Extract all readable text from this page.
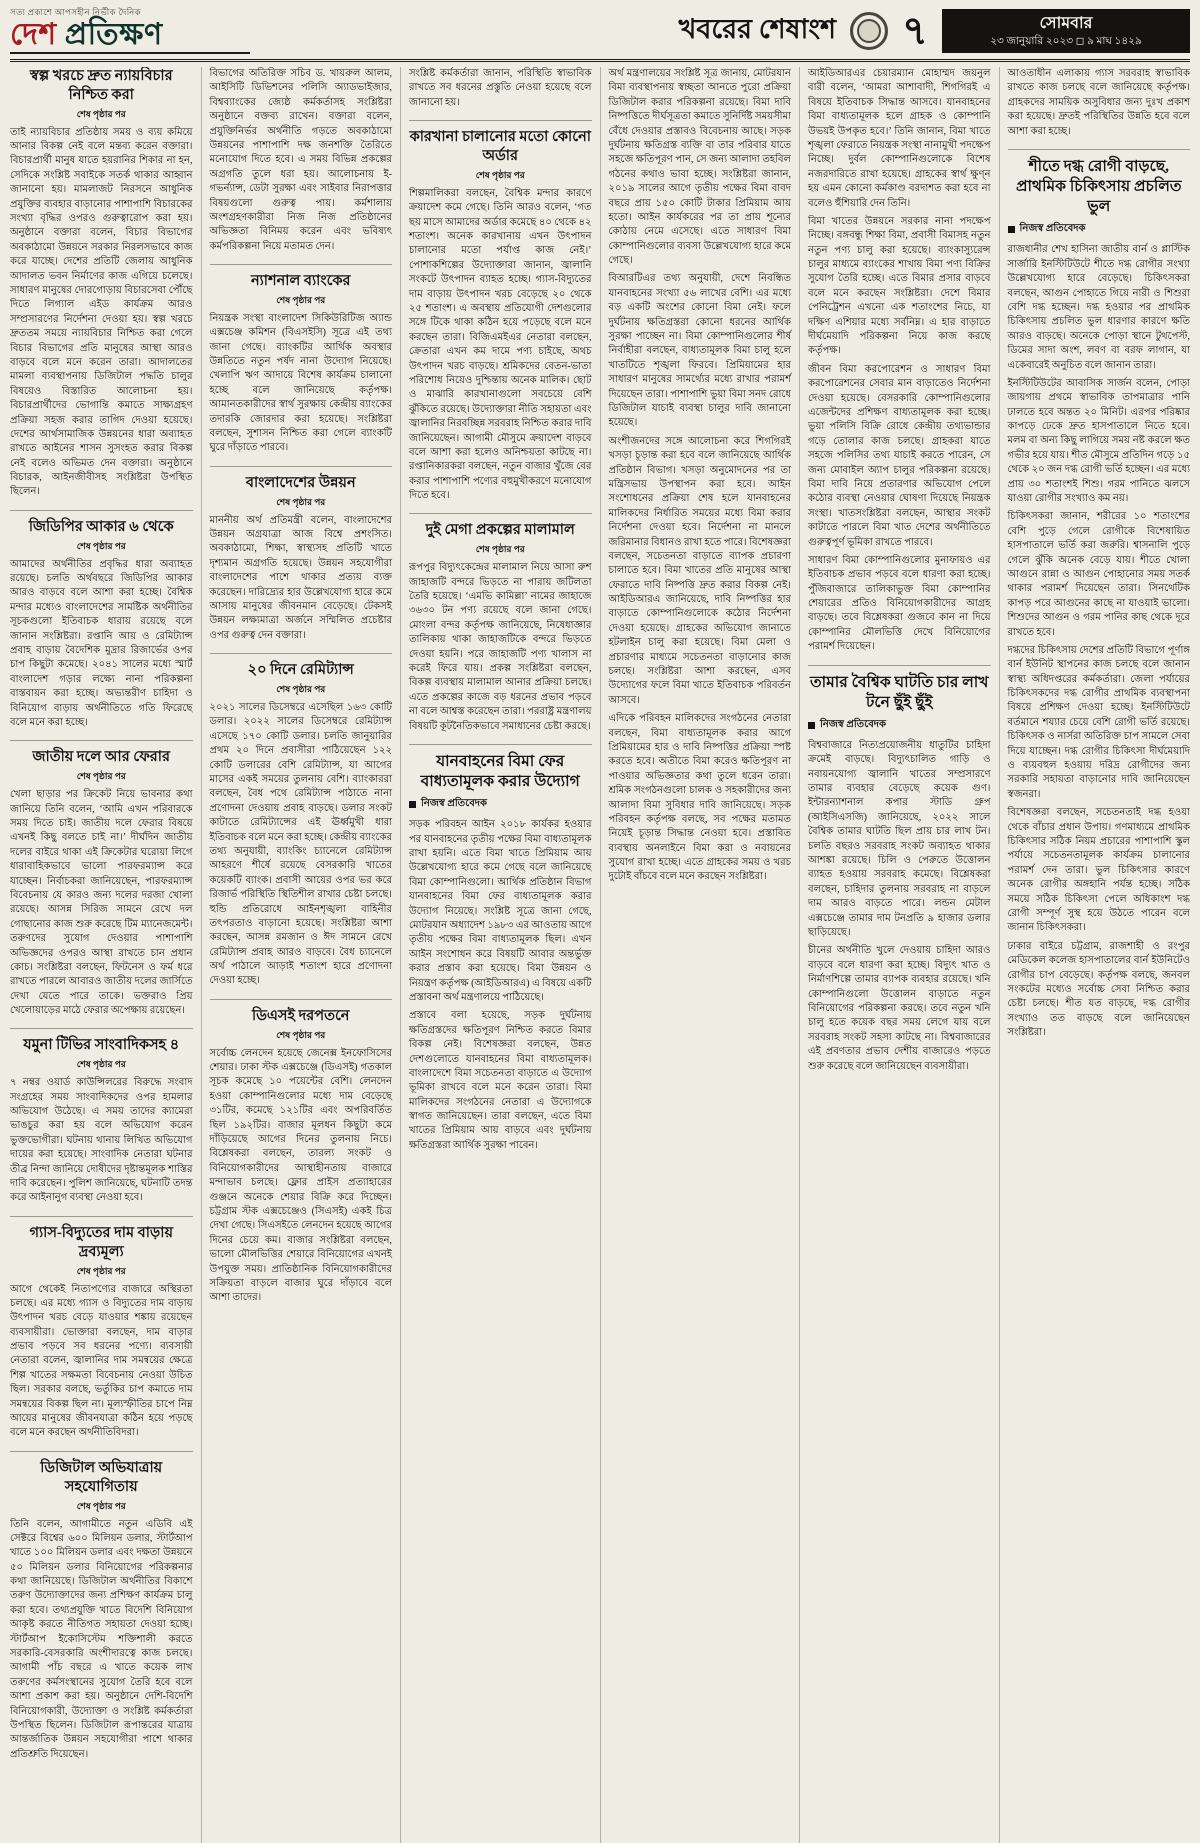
সত্য প্রকাশে আপসহীন নির্ভীক দৈনিক
দেশ প্রতিক্ষণ	খবরের শেষাংশ ৭	সোমবার
২৩ জানুয়ারি ২০২৩ ◻ ৯ মাঘ ১৪২৯
স্বল্প খরচে দ্রুত ন্যায়বিচার নিশ্চিত করা
শেষ পৃষ্ঠার পর

তাই ন্যায়বিচার প্রতিষ্ঠায় সময় ও ব্যয় কমিয়ে আনার বিকল্প নেই বলে মন্তব্য করেন বক্তারা। বিচারপ্রার্থী মানুষ যাতে হয়রানির শিকার না হন, সেদিকে সংশ্লিষ্ট সবাইকে সতর্ক থাকার আহ্বান জানানো হয়। মামলাজট নিরসনে আধুনিক প্রযুক্তির ব্যবহার বাড়ানোর পাশাপাশি বিচারকের সংখ্যা বৃদ্ধির ওপরও গুরুত্বারোপ করা হয়। অনুষ্ঠানে বক্তারা বলেন, বিচার বিভাগের অবকাঠামো উন্নয়নে সরকার নিরলসভাবে কাজ করে যাচ্ছে। দেশের প্রতিটি জেলায় আধুনিক আদালত ভবন নির্মাণের কাজ এগিয়ে চলেছে। সাধারণ মানুষের দোরগোড়ায় বিচারসেবা পৌঁছে দিতে লিগ্যাল এইড কার্যক্রম আরও সম্প্রসারণের নির্দেশনা দেওয়া হয়। স্বল্প খরচে দ্রুততম সময়ে ন্যায়বিচার নিশ্চিত করা গেলে বিচার বিভাগের প্রতি মানুষের আস্থা আরও বাড়বে বলে মনে করেন তারা। আদালতের মামলা ব্যবস্থাপনায় ডিজিটাল পদ্ধতি চালুর বিষয়েও বিস্তারিত আলোচনা হয়। বিচারপ্রার্থীদের ভোগান্তি কমাতে সাক্ষ্যগ্রহণ প্রক্রিয়া সহজ করার তাগিদ দেওয়া হয়েছে। দেশের আর্থসামাজিক উন্নয়নের ধারা অব্যাহত রাখতে আইনের শাসন সুসংহত করার বিকল্প নেই বলেও অভিমত দেন বক্তারা। অনুষ্ঠানে বিচারক, আইনজীবীসহ সংশ্লিষ্টরা উপস্থিত ছিলেন।

জিডিপির আকার ৬ থেকে
শেষ পৃষ্ঠার পর

আমাদের অর্থনীতির প্রবৃদ্ধির ধারা অব্যাহত রয়েছে। চলতি অর্থবছরে জিডিপির আকার আরও বাড়বে বলে আশা করা হচ্ছে। বৈশ্বিক মন্দার মধ্যেও বাংলাদেশের সামষ্টিক অর্থনীতির সূচকগুলো ইতিবাচক ধারায় রয়েছে বলে জানান সংশ্লিষ্টরা। রপ্তানি আয় ও রেমিট্যান্স প্রবাহ বাড়ায় বৈদেশিক মুদ্রার রিজার্ভের ওপর চাপ কিছুটা কমেছে। ২০৪১ সালের মধ্যে স্মার্ট বাংলাদেশ গড়ার লক্ষ্যে নানা পরিকল্পনা বাস্তবায়ন করা হচ্ছে। অভ্যন্তরীণ চাহিদা ও বিনিয়োগ বাড়ায় অর্থনীতিতে গতি ফিরেছে বলে মনে করা হচ্ছে।

জাতীয় দলে আর ফেরার
শেষ পৃষ্ঠার পর

খেলা ছাড়ার পর ক্রিকেট নিয়ে ভাবনার কথা জানিয়ে তিনি বলেন, ‘আমি এখন পরিবারকে সময় দিতে চাই। জাতীয় দলে ফেরার বিষয়ে এখনই কিছু বলতে চাই না।’ দীর্ঘদিন জাতীয় দলের বাইরে থাকা এই ক্রিকেটার ঘরোয়া লিগে ধারাবাহিকভাবে ভালো পারফরম্যান্স করে যাচ্ছেন। নির্বাচকরা জানিয়েছেন, পারফরম্যান্স বিবেচনায় যে কারও জন্য দলের দরজা খোলা রয়েছে। আসন্ন সিরিজ সামনে রেখে দল গোছানোর কাজ শুরু করেছে টিম ম্যানেজমেন্ট। তরুণদের সুযোগ দেওয়ার পাশাপাশি অভিজ্ঞদের ওপরও আস্থা রাখতে চান প্রধান কোচ। সংশ্লিষ্টরা বলছেন, ফিটনেস ও ফর্ম ধরে রাখতে পারলে আবারও জাতীয় দলের জার্সিতে দেখা যেতে পারে তাকে। ভক্তরাও প্রিয় খেলোয়াড়ের মাঠে ফেরার অপেক্ষায় রয়েছেন।

যমুনা টিভির সাংবাদিকসহ ৪
শেষ পৃষ্ঠার পর

৭ নম্বর ওয়ার্ড কাউন্সিলরের বিরুদ্ধে সংবাদ সংগ্রহের সময় সাংবাদিকদের ওপর হামলার অভিযোগ উঠেছে। এ সময় তাদের ক্যামেরা ভাঙচুর করা হয় বলে অভিযোগ করেন ভুক্তভোগীরা। ঘটনায় থানায় লিখিত অভিযোগ দায়ের করা হয়েছে। সাংবাদিক নেতারা ঘটনার তীব্র নিন্দা জানিয়ে দোষীদের দৃষ্টান্তমূলক শাস্তির দাবি করেছেন। পুলিশ জানিয়েছে, ঘটনাটি তদন্ত করে আইনানুগ ব্যবস্থা নেওয়া হবে।

গ্যাস-বিদ্যুতের দাম বাড়ায় দ্রব্যমূল্য
শেষ পৃষ্ঠার পর

আগে থেকেই নিত্যপণ্যের বাজারে অস্থিরতা চলছে। এর মধ্যে গ্যাস ও বিদ্যুতের দাম বাড়ায় উৎপাদন খরচ বেড়ে যাওয়ার শঙ্কায় রয়েছেন ব্যবসায়ীরা। ভোক্তারা বলছেন, দাম বাড়ার প্রভাব পড়বে সব ধরনের পণ্যে। ব্যবসায়ী নেতারা বলেন, জ্বালানির দাম সমন্বয়ের ক্ষেত্রে শিল্প খাতের সক্ষমতা বিবেচনায় নেওয়া উচিত ছিল। সরকার বলছে, ভর্তুকির চাপ কমাতে দাম সমন্বয়ের বিকল্প ছিল না। মূল্যস্ফীতির চাপে নিম্ন আয়ের মানুষের জীবনযাত্রা কঠিন হয়ে পড়ছে বলে মনে করছেন অর্থনীতিবিদরা।

ডিজিটাল অভিযাত্রায় সহযোগিতায়
শেষ পৃষ্ঠার পর

তিনি বলেন, আগামীতে নতুন এডিবি এই সেক্টরে বিশ্বের ৬০০ মিলিয়ন ডলার, স্টার্টআপ খাতে ১০০ মিলিয়ন ডলার এবং দক্ষতা উন্নয়নে ৫০ মিলিয়ন ডলার বিনিয়োগের পরিকল্পনার কথা জানিয়েছে। ডিজিটাল অর্থনীতির বিকাশে তরুণ উদ্যোক্তাদের জন্য প্রশিক্ষণ কার্যক্রম চালু করা হবে। তথ্যপ্রযুক্তি খাতে বিদেশি বিনিয়োগ আকৃষ্ট করতে নীতিগত সহায়তা দেওয়া হচ্ছে। স্টার্টআপ ইকোসিস্টেম শক্তিশালী করতে সরকারি-বেসরকারি অংশীদারত্বে কাজ চলছে। আগামী পাঁচ বছরে এ খাতে কয়েক লাখ তরুণের কর্মসংস্থানের সুযোগ তৈরি হবে বলে আশা প্রকাশ করা হয়। অনুষ্ঠানে দেশি-বিদেশি বিনিয়োগকারী, উদ্যোক্তা ও সংশ্লিষ্ট কর্মকর্তারা উপস্থিত ছিলেন। ডিজিটাল রূপান্তরের যাত্রায় আন্তর্জাতিক উন্নয়ন সহযোগীরা পাশে থাকার প্রতিশ্রুতি দিয়েছেন।

বিভাগের অতিরিক্ত সচিব ড. খায়রুল আলম, আইসিটি ডিভিশনের পলিসি অ্যাডভাইজার, বিশ্বব্যাংকের জ্যেষ্ঠ কর্মকর্তাসহ সংশ্লিষ্টরা অনুষ্ঠানে বক্তব্য রাখেন। বক্তারা বলেন, প্রযুক্তিনির্ভর অর্থনীতি গড়তে অবকাঠামো উন্নয়নের পাশাপাশি দক্ষ জনশক্তি তৈরিতে মনোযোগ দিতে হবে। এ সময় বিভিন্ন প্রকল্পের অগ্রগতি তুলে ধরা হয়। আলোচনায় ই-গভর্ন্যান্স, ডেটা সুরক্ষা এবং সাইবার নিরাপত্তার বিষয়গুলো গুরুত্ব পায়। কর্মশালায় অংশগ্রহণকারীরা নিজ নিজ প্রতিষ্ঠানের অভিজ্ঞতা বিনিময় করেন এবং ভবিষ্যৎ কর্মপরিকল্পনা নিয়ে মতামত দেন।

ন্যাশনাল ব্যাংকের
শেষ পৃষ্ঠার পর

নিয়ন্ত্রক সংস্থা বাংলাদেশ সিকিউরিটিজ অ্যান্ড এক্সচেঞ্জ কমিশন (বিএসইসি) সূত্রে এই তথ্য জানা গেছে। ব্যাংকটির আর্থিক অবস্থার উন্নতিতে নতুন পর্ষদ নানা উদ্যোগ নিয়েছে। খেলাপি ঋণ আদায়ে বিশেষ কার্যক্রম চালানো হচ্ছে বলে জানিয়েছে কর্তৃপক্ষ। আমানতকারীদের স্বার্থ সুরক্ষায় কেন্দ্রীয় ব্যাংকের তদারকি জোরদার করা হয়েছে। সংশ্লিষ্টরা বলছেন, সুশাসন নিশ্চিত করা গেলে ব্যাংকটি ঘুরে দাঁড়াতে পারবে।

বাংলাদেশের উন্নয়ন
শেষ পৃষ্ঠার পর

মাননীয় অর্থ প্রতিমন্ত্রী বলেন, বাংলাদেশের উন্নয়ন অগ্রযাত্রা আজ বিশ্বে প্রশংসিত। অবকাঠামো, শিক্ষা, স্বাস্থ্যসহ প্রতিটি খাতে দৃশ্যমান অগ্রগতি হয়েছে। উন্নয়ন সহযোগীরা বাংলাদেশের পাশে থাকার প্রত্যয় ব্যক্ত করেছেন। দারিদ্র্যের হার উল্লেখযোগ্য হারে কমে আসায় মানুষের জীবনমান বেড়েছে। টেকসই উন্নয়ন লক্ষ্যমাত্রা অর্জনে সম্মিলিত প্রচেষ্টার ওপর গুরুত্ব দেন বক্তারা।

২০ দিনে রেমিট্যান্স
শেষ পৃষ্ঠার পর

২০২১ সালের ডিসেম্বরে এসেছিল ১৬৩ কোটি ডলার। ২০২২ সালের ডিসেম্বরে রেমিট্যান্স এসেছে ১৭০ কোটি ডলার। চলতি জানুয়ারির প্রথম ২০ দিনে প্রবাসীরা পাঠিয়েছেন ১২২ কোটি ডলারের বেশি রেমিট্যান্স, যা আগের মাসের একই সময়ের তুলনায় বেশি। ব্যাংকাররা বলছেন, বৈধ পথে রেমিট্যান্স পাঠাতে নানা প্রণোদনা দেওয়ায় প্রবাহ বাড়ছে। ডলার সংকট কাটাতে রেমিট্যান্সের এই ঊর্ধ্বমুখী ধারা ইতিবাচক বলে মনে করা হচ্ছে। কেন্দ্রীয় ব্যাংকের তথ্য অনুযায়ী, ব্যাংকিং চ্যানেলে রেমিট্যান্স আহরণে শীর্ষে রয়েছে বেসরকারি খাতের কয়েকটি ব্যাংক। প্রবাসী আয়ের ওপর ভর করে রিজার্ভ পরিস্থিতি স্থিতিশীল রাখার চেষ্টা চলছে। হুন্ডি প্রতিরোধে আইনশৃঙ্খলা বাহিনীর তৎপরতাও বাড়ানো হয়েছে। সংশ্লিষ্টরা আশা করছেন, আসন্ন রমজান ও ঈদ সামনে রেখে রেমিট্যান্স প্রবাহ আরও বাড়বে। বৈধ চ্যানেলে অর্থ পাঠালে আড়াই শতাংশ হারে প্রণোদনা দেওয়া হচ্ছে।

ডিএসই দরপতনে
শেষ পৃষ্ঠার পর

সর্বোচ্চ লেনদেন হয়েছে জেনেক্স ইনফোসিসের শেয়ার। ঢাকা স্টক এক্সচেঞ্জে (ডিএসই) গতকাল সূচক কমেছে ১০ পয়েন্টের বেশি। লেনদেন হওয়া কোম্পানিগুলোর মধ্যে দাম বেড়েছে ৩১টির, কমেছে ১২১টির এবং অপরিবর্তিত ছিল ১৯২টির। বাজার মূলধন কিছুটা কমে দাঁড়িয়েছে আগের দিনের তুলনায় নিচে। বিশ্লেষকরা বলছেন, তারল্য সংকট ও বিনিয়োগকারীদের আস্থাহীনতায় বাজারে মন্দাভাব চলছে। ফ্লোর প্রাইস প্রত্যাহারের গুঞ্জনে অনেকে শেয়ার বিক্রি করে দিচ্ছেন। চট্টগ্রাম স্টক এক্সচেঞ্জেও (সিএসই) একই চিত্র দেখা গেছে। সিএসইতে লেনদেন হয়েছে আগের দিনের চেয়ে কম। বাজার সংশ্লিষ্টরা বলছেন, ভালো মৌলভিত্তির শেয়ারে বিনিয়োগের এখনই উপযুক্ত সময়। প্রাতিষ্ঠানিক বিনিয়োগকারীদের সক্রিয়তা বাড়লে বাজার ঘুরে দাঁড়াবে বলে আশা তাদের।

সংশ্লিষ্ট কর্মকর্তারা জানান, পরিস্থিতি স্বাভাবিক রাখতে সব ধরনের প্রস্তুতি নেওয়া হয়েছে বলে জানানো হয়।

কারখানা চালানোর মতো কোনো অর্ডার
শেষ পৃষ্ঠার পর

শিল্পমালিকরা বলছেন, বৈশ্বিক মন্দার কারণে ক্রয়াদেশ কমে গেছে। তিনি আরও বলেন, ‘গত ছয় মাসে আমাদের অর্ডার কমেছে ৪০ থেকে ৪২ শতাংশ। অনেক কারখানায় এখন উৎপাদন চালানোর মতো পর্যাপ্ত কাজ নেই।’ পোশাকশিল্পের উদ্যোক্তারা জানান, জ্বালানি সংকটে উৎপাদন ব্যাহত হচ্ছে। গ্যাস-বিদ্যুতের দাম বাড়ায় উৎপাদন খরচ বেড়েছে ২০ থেকে ২৫ শতাংশ। এ অবস্থায় প্রতিযোগী দেশগুলোর সঙ্গে টিকে থাকা কঠিন হয়ে পড়েছে বলে মনে করছেন তারা। বিজিএমইএর নেতারা বলছেন, ক্রেতারা এখন কম দামে পণ্য চাইছে, অথচ উৎপাদন খরচ বাড়ছে। শ্রমিকদের বেতন-ভাতা পরিশোধ নিয়েও দুশ্চিন্তায় অনেক মালিক। ছোট ও মাঝারি কারখানাগুলো সবচেয়ে বেশি ঝুঁকিতে রয়েছে। উদ্যোক্তারা নীতি সহায়তা এবং জ্বালানির নিরবচ্ছিন্ন সরবরাহ নিশ্চিত করার দাবি জানিয়েছেন। আগামী মৌসুমে ক্রয়াদেশ বাড়বে বলে আশা করা হলেও অনিশ্চয়তা কাটছে না। রপ্তানিকারকরা বলছেন, নতুন বাজার খুঁজে বের করার পাশাপাশি পণ্যের বহুমুখীকরণে মনোযোগ দিতে হবে।

দুই মেগা প্রকল্পের মালামাল
শেষ পৃষ্ঠার পর

রূপপুর বিদ্যুৎকেন্দ্রের মালামাল নিয়ে আসা রুশ জাহাজটি বন্দরে ভিড়তে না পারায় জটিলতা তৈরি হয়েছে। ‘এমভি কামিল্লা’ নামের জাহাজে ৩৬৩০ টন পণ্য রয়েছে বলে জানা গেছে। মোংলা বন্দর কর্তৃপক্ষ জানিয়েছে, নিষেধাজ্ঞার তালিকায় থাকা জাহাজটিকে বন্দরে ভিড়তে দেওয়া হয়নি। পরে জাহাজটি পণ্য খালাস না করেই ফিরে যায়। প্রকল্প সংশ্লিষ্টরা বলছেন, বিকল্প ব্যবস্থায় মালামাল আনার প্রক্রিয়া চলছে। এতে প্রকল্পের কাজে বড় ধরনের প্রভাব পড়বে না বলে আশ্বস্ত করেছেন তারা। পররাষ্ট্র মন্ত্রণালয় বিষয়টি কূটনৈতিকভাবে সমাধানের চেষ্টা করছে।

যানবাহনের বিমা ফের বাধ্যতামূলক করার উদ্যোগ
নিজস্ব প্রতিবেদক

সড়ক পরিবহন আইন ২০১৮ কার্যকর হওয়ার পর যানবাহনের তৃতীয় পক্ষের বিমা বাধ্যতামূলক রাখা হয়নি। এতে বিমা খাতে প্রিমিয়াম আয় উল্লেখযোগ্য হারে কমে গেছে বলে জানিয়েছে বিমা কোম্পানিগুলো। আর্থিক প্রতিষ্ঠান বিভাগ যানবাহনের বিমা ফের বাধ্যতামূলক করার উদ্যোগ নিয়েছে। সংশ্লিষ্ট সূত্রে জানা গেছে, মোটরযান অধ্যাদেশ ১৯৮৩ এর আওতায় আগে তৃতীয় পক্ষের বিমা বাধ্যতামূলক ছিল। এখন আইন সংশোধন করে বিষয়টি আবার অন্তর্ভুক্ত করার প্রস্তাব করা হয়েছে। বিমা উন্নয়ন ও নিয়ন্ত্রণ কর্তৃপক্ষ (আইডিআরএ) এ বিষয়ে একটি প্রস্তাবনা অর্থ মন্ত্রণালয়ে পাঠিয়েছে।

প্রস্তাবে বলা হয়েছে, সড়ক দুর্ঘটনায় ক্ষতিগ্রস্তদের ক্ষতিপূরণ নিশ্চিত করতে বিমার বিকল্প নেই। বিশেষজ্ঞরা বলছেন, উন্নত দেশগুলোতে যানবাহনের বিমা বাধ্যতামূলক। বাংলাদেশে বিমা সচেতনতা বাড়াতে এ উদ্যোগ ভূমিকা রাখবে বলে মনে করেন তারা। বিমা মালিকদের সংগঠনের নেতারা এ উদ্যোগকে স্বাগত জানিয়েছেন। তারা বলছেন, এতে বিমা খাতের প্রিমিয়াম আয় বাড়বে এবং দুর্ঘটনায় ক্ষতিগ্রস্তরা আর্থিক সুরক্ষা পাবেন।

অর্থ মন্ত্রণালয়ের সংশ্লিষ্ট সূত্র জানায়, মোটরযান বিমা ব্যবস্থাপনায় স্বচ্ছতা আনতে পুরো প্রক্রিয়া ডিজিটাল করার পরিকল্পনা রয়েছে। বিমা দাবি নিষ্পত্তিতে দীর্ঘসূত্রতা কমাতে সুনির্দিষ্ট সময়সীমা বেঁধে দেওয়ার প্রস্তাবও বিবেচনায় আছে। সড়ক দুর্ঘটনায় ক্ষতিগ্রস্ত ব্যক্তি বা তার পরিবার যাতে সহজে ক্ষতিপূরণ পান, সে জন্য আলাদা তহবিল গঠনের কথাও ভাবা হচ্ছে। সংশ্লিষ্টরা জানান, ২০১৯ সালের আগে তৃতীয় পক্ষের বিমা বাবদ বছরে প্রায় ১৫০ কোটি টাকার প্রিমিয়াম আয় হতো। আইন কার্যকরের পর তা প্রায় শূন্যের কোঠায় নেমে এসেছে। এতে সাধারণ বিমা কোম্পানিগুলোর ব্যবসা উল্লেখযোগ্য হারে কমে গেছে।

বিআরটিএর তথ্য অনুযায়ী, দেশে নিবন্ধিত যানবাহনের সংখ্যা ৫৬ লাখের বেশি। এর মধ্যে বড় একটি অংশের কোনো বিমা নেই। ফলে দুর্ঘটনায় ক্ষতিগ্রস্তরা কোনো ধরনের আর্থিক সুরক্ষা পাচ্ছেন না। বিমা কোম্পানিগুলোর শীর্ষ নির্বাহীরা বলছেন, বাধ্যতামূলক বিমা চালু হলে খাতটিতে শৃঙ্খলা ফিরবে। প্রিমিয়ামের হার সাধারণ মানুষের সামর্থ্যের মধ্যে রাখার পরামর্শ দিয়েছেন তারা। পাশাপাশি ভুয়া বিমা সনদ রোধে ডিজিটাল যাচাই ব্যবস্থা চালুর দাবি জানানো হয়েছে।

অংশীজনদের সঙ্গে আলোচনা করে শিগগিরই খসড়া চূড়ান্ত করা হবে বলে জানিয়েছে আর্থিক প্রতিষ্ঠান বিভাগ। খসড়া অনুমোদনের পর তা মন্ত্রিসভায় উপস্থাপন করা হবে। আইন সংশোধনের প্রক্রিয়া শেষ হলে যানবাহনের মালিকদের নির্ধারিত সময়ের মধ্যে বিমা করার নির্দেশনা দেওয়া হবে। নির্দেশনা না মানলে জরিমানার বিধানও রাখা হতে পারে। বিশেষজ্ঞরা বলছেন, সচেতনতা বাড়াতে ব্যাপক প্রচারণা চালাতে হবে। বিমা খাতের প্রতি মানুষের আস্থা ফেরাতে দাবি নিষ্পত্তি দ্রুত করার বিকল্প নেই। আইডিআরএ জানিয়েছে, দাবি নিষ্পত্তির হার বাড়াতে কোম্পানিগুলোকে কঠোর নির্দেশনা দেওয়া হয়েছে। গ্রাহকের অভিযোগ জানাতে হটলাইন চালু করা হয়েছে। বিমা মেলা ও প্রচারণার মাধ্যমে সচেতনতা বাড়ানোর কাজ চলছে। সংশ্লিষ্টরা আশা করছেন, এসব উদ্যোগের ফলে বিমা খাতে ইতিবাচক পরিবর্তন আসবে।

এদিকে পরিবহন মালিকদের সংগঠনের নেতারা বলছেন, বিমা বাধ্যতামূলক করার আগে প্রিমিয়ামের হার ও দাবি নিষ্পত্তির প্রক্রিয়া স্পষ্ট করতে হবে। অতীতে বিমা করেও ক্ষতিপূরণ না পাওয়ার অভিজ্ঞতার কথা তুলে ধরেন তারা। শ্রমিক সংগঠনগুলো চালক ও সহকারীদের জন্য আলাদা বিমা সুবিধার দাবি জানিয়েছে। সড়ক পরিবহন কর্তৃপক্ষ বলছে, সব পক্ষের মতামত নিয়েই চূড়ান্ত সিদ্ধান্ত নেওয়া হবে। প্রস্তাবিত ব্যবস্থায় অনলাইনে বিমা করা ও নবায়নের সুযোগ রাখা হচ্ছে। এতে গ্রাহকের সময় ও খরচ দুটোই বাঁচবে বলে মনে করছেন সংশ্লিষ্টরা।

আইডিআরএর চেয়ারম্যান মোহাম্মদ জয়নুল বারী বলেন, ‘আমরা আশাবাদী, শিগগিরই এ বিষয়ে ইতিবাচক সিদ্ধান্ত আসবে। যানবাহনের বিমা বাধ্যতামূলক হলে গ্রাহক ও কোম্পানি উভয়ই উপকৃত হবে।’ তিনি জানান, বিমা খাতে শৃঙ্খলা ফেরাতে নিয়ন্ত্রক সংস্থা নানামুখী পদক্ষেপ নিচ্ছে। দুর্বল কোম্পানিগুলোকে বিশেষ নজরদারিতে রাখা হয়েছে। গ্রাহকের স্বার্থ ক্ষুণ্ন হয় এমন কোনো কর্মকাণ্ড বরদাশত করা হবে না বলেও হুঁশিয়ারি দেন তিনি।

বিমা খাতের উন্নয়নে সরকার নানা পদক্ষেপ নিচ্ছে। বঙ্গবন্ধু শিক্ষা বিমা, প্রবাসী বিমাসহ নতুন নতুন পণ্য চালু করা হয়েছে। ব্যাংকাস্যুরেন্স চালুর মাধ্যমে ব্যাংকের শাখায় বিমা পণ্য বিক্রির সুযোগ তৈরি হচ্ছে। এতে বিমার প্রসার বাড়বে বলে মনে করছেন সংশ্লিষ্টরা। দেশে বিমার পেনিট্রেশন এখনো এক শতাংশের নিচে, যা দক্ষিণ এশিয়ার মধ্যে সর্বনিম্ন। এ হার বাড়াতে দীর্ঘমেয়াদি পরিকল্পনা নিয়ে কাজ করছে কর্তৃপক্ষ।

জীবন বিমা করপোরেশন ও সাধারণ বিমা করপোরেশনের সেবার মান বাড়াতেও নির্দেশনা দেওয়া হয়েছে। বেসরকারি কোম্পানিগুলোর এজেন্টদের প্রশিক্ষণ বাধ্যতামূলক করা হচ্ছে। ভুয়া পলিসি বিক্রি রোধে কেন্দ্রীয় তথ্যভান্ডার গড়ে তোলার কাজ চলছে। গ্রাহকরা যাতে সহজে পলিসির তথ্য যাচাই করতে পারেন, সে জন্য মোবাইল অ্যাপ চালুর পরিকল্পনা রয়েছে। বিমা দাবি নিয়ে প্রতারণার অভিযোগ পেলে কঠোর ব্যবস্থা নেওয়ার ঘোষণা দিয়েছে নিয়ন্ত্রক সংস্থা। খাতসংশ্লিষ্টরা বলছেন, আস্থার সংকট কাটাতে পারলে বিমা খাত দেশের অর্থনীতিতে গুরুত্বপূর্ণ ভূমিকা রাখতে পারবে।

সাধারণ বিমা কোম্পানিগুলোর মুনাফায়ও এর ইতিবাচক প্রভাব পড়বে বলে ধারণা করা হচ্ছে। পুঁজিবাজারে তালিকাভুক্ত বিমা কোম্পানির শেয়ারের প্রতিও বিনিয়োগকারীদের আগ্রহ বাড়ছে। তবে বিশ্লেষকরা গুজবে কান না দিয়ে কোম্পানির মৌলভিত্তি দেখে বিনিয়োগের পরামর্শ দিয়েছেন।

তামার বৈশ্বিক ঘাটতি চার লাখ টনে ছুঁই ছুঁই
নিজস্ব প্রতিবেদক

বিশ্ববাজারে নিত্যপ্রয়োজনীয় ধাতুটির চাহিদা ক্রমেই বাড়ছে। বিদ্যুৎচালিত গাড়ি ও নবায়নযোগ্য জ্বালানি খাতের সম্প্রসারণে তামার ব্যবহার বেড়েছে কয়েক গুণ। ইন্টারন্যাশনাল কপার স্টাডি গ্রুপ (আইসিএসজি) জানিয়েছে, ২০২২ সালে বৈশ্বিক তামার ঘাটতি ছিল প্রায় চার লাখ টন। চলতি বছরও সরবরাহ সংকট অব্যাহত থাকার আশঙ্কা রয়েছে। চিলি ও পেরুতে উত্তোলন ব্যাহত হওয়ায় সরবরাহ কমেছে। বিশ্লেষকরা বলছেন, চাহিদার তুলনায় সরবরাহ না বাড়লে দাম আরও বাড়তে পারে। লন্ডন মেটাল এক্সচেঞ্জে তামার দাম টনপ্রতি ৯ হাজার ডলার ছাড়িয়েছে।

চীনের অর্থনীতি খুলে দেওয়ায় চাহিদা আরও বাড়বে বলে ধারণা করা হচ্ছে। বিদ্যুৎ খাত ও নির্মাণশিল্পে তামার ব্যাপক ব্যবহার রয়েছে। খনি কোম্পানিগুলো উত্তোলন বাড়াতে নতুন বিনিয়োগের পরিকল্পনা করছে। তবে নতুন খনি চালু হতে কয়েক বছর সময় লেগে যায় বলে সরবরাহ সংকট সহসা কাটছে না। বিশ্ববাজারের এই প্রবণতার প্রভাব দেশীয় বাজারেও পড়তে শুরু করেছে বলে জানিয়েছেন ব্যবসায়ীরা।

আওতাধীন এলাকায় গ্যাস সরবরাহ স্বাভাবিক রাখতে কাজ চলছে বলে জানিয়েছে কর্তৃপক্ষ। গ্রাহকদের সাময়িক অসুবিধার জন্য দুঃখ প্রকাশ করা হয়েছে। দ্রুতই পরিস্থিতির উন্নতি হবে বলে আশা করা হচ্ছে।

শীতে দগ্ধ রোগী বাড়ছে, প্রাথমিক চিকিৎসায় প্রচলিত ভুল
নিজস্ব প্রতিবেদক

রাজধানীর শেখ হাসিনা জাতীয় বার্ন ও প্লাস্টিক সার্জারি ইনস্টিটিউটে শীতে দগ্ধ রোগীর সংখ্যা উল্লেখযোগ্য হারে বেড়েছে। চিকিৎসকরা বলছেন, আগুন পোহাতে গিয়ে নারী ও শিশুরা বেশি দগ্ধ হচ্ছেন। দগ্ধ হওয়ার পর প্রাথমিক চিকিৎসায় প্রচলিত ভুল ধারণার কারণে ক্ষতি আরও বাড়ছে। অনেকে পোড়া স্থানে টুথপেস্ট, ডিমের সাদা অংশ, লবণ বা বরফ লাগান, যা একেবারেই অনুচিত বলে জানান তারা।

ইনস্টিটিউটের আবাসিক সার্জন বলেন, পোড়া জায়গায় প্রথমে স্বাভাবিক তাপমাত্রার পানি ঢালতে হবে অন্তত ২০ মিনিট। এরপর পরিষ্কার কাপড়ে ঢেকে দ্রুত হাসপাতালে নিতে হবে। মলম বা অন্য কিছু লাগিয়ে সময় নষ্ট করলে ক্ষত গভীর হয়ে যায়। শীত মৌসুমে প্রতিদিন গড়ে ১৫ থেকে ২০ জন দগ্ধ রোগী ভর্তি হচ্ছেন। এর মধ্যে প্রায় ৩০ শতাংশই শিশু। গরম পানিতে ঝলসে যাওয়া রোগীর সংখ্যাও কম নয়।

চিকিৎসকরা জানান, শরীরের ১০ শতাংশের বেশি পুড়ে গেলে রোগীকে বিশেষায়িত হাসপাতালে ভর্তি করা জরুরি। শ্বাসনালি পুড়ে গেলে ঝুঁকি অনেক বেড়ে যায়। শীতে খোলা আগুনে রান্না ও আগুন পোহানোর সময় সতর্ক থাকার পরামর্শ দিয়েছেন তারা। সিনথেটিক কাপড় পরে আগুনের কাছে না যাওয়াই ভালো। শিশুদের আগুন ও গরম পানির কাছ থেকে দূরে রাখতে হবে।

দগ্ধদের চিকিৎসায় দেশের প্রতিটি বিভাগে পূর্ণাঙ্গ বার্ন ইউনিট স্থাপনের কাজ চলছে বলে জানান স্বাস্থ্য অধিদপ্তরের কর্মকর্তারা। জেলা পর্যায়ের চিকিৎসকদের দগ্ধ রোগীর প্রাথমিক ব্যবস্থাপনা বিষয়ে প্রশিক্ষণ দেওয়া হচ্ছে। ইনস্টিটিউটে বর্তমানে শয্যার চেয়ে বেশি রোগী ভর্তি রয়েছে। চিকিৎসক ও নার্সরা অতিরিক্ত চাপ সামলে সেবা দিয়ে যাচ্ছেন। দগ্ধ রোগীর চিকিৎসা দীর্ঘমেয়াদি ও ব্যয়বহুল হওয়ায় দরিদ্র রোগীদের জন্য সরকারি সহায়তা বাড়ানোর দাবি জানিয়েছেন স্বজনরা।

বিশেষজ্ঞরা বলছেন, সচেতনতাই দগ্ধ হওয়া থেকে বাঁচার প্রধান উপায়। গণমাধ্যমে প্রাথমিক চিকিৎসার সঠিক নিয়ম প্রচারের পাশাপাশি স্কুল পর্যায়ে সচেতনতামূলক কার্যক্রম চালানোর পরামর্শ দেন তারা। ভুল চিকিৎসার কারণে অনেক রোগীর অঙ্গহানি পর্যন্ত হচ্ছে। সঠিক সময়ে সঠিক চিকিৎসা পেলে অধিকাংশ দগ্ধ রোগী সম্পূর্ণ সুস্থ হয়ে উঠতে পারেন বলে জানান চিকিৎসকরা।

ঢাকার বাইরে চট্টগ্রাম, রাজশাহী ও রংপুর মেডিকেল কলেজ হাসপাতালের বার্ন ইউনিটেও রোগীর চাপ বেড়েছে। কর্তৃপক্ষ বলছে, জনবল সংকটের মধ্যেও সর্বোচ্চ সেবা নিশ্চিত করার চেষ্টা চলছে। শীত যত বাড়ছে, দগ্ধ রোগীর সংখ্যাও তত বাড়ছে বলে জানিয়েছেন সংশ্লিষ্টরা।
